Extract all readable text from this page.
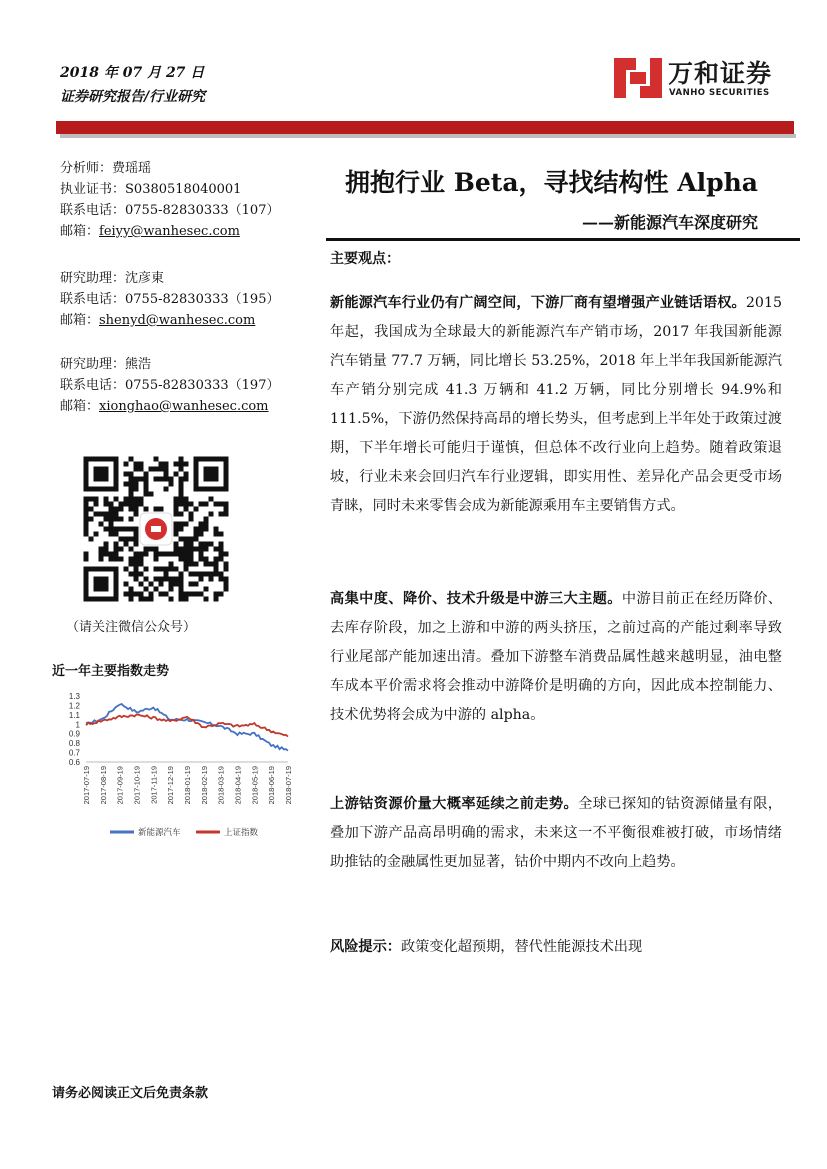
2018 年 07 月 27 日
证券研究报告/行业研究
万和证券
VANHO SECURITIES
分析师：费瑶瑶
执业证书：S0380518040001
联系电话：0755-82830333（107）
邮箱：feiyy@wanhesec.com
研究助理：沈彦東
联系电话：0755-82830333（195）
邮箱：shenyd@wanhesec.com
研究助理：熊浩
联系电话：0755-82830333（197）
邮箱：xionghao@wanhesec.com
（请关注微信公众号）
近一年主要指数走势
1.3
1.2
1.1
1
0.9
0.8
0.7
0.6
2017-07-19 2017-08-19 2017-09-19 2017-10-19 2017-11-19 2017-12-19 2018-01-19 2018-02-19 2018-03-19 2018-04-19 2018-05-19 2018-06-19 2018-07-19
新能源汽车	上证指数
拥抱行业 Beta，寻找结构性 Alpha
——新能源汽车深度研究
主要观点：
新能源汽车行业仍有广阔空间，下游厂商有望增强产业链话语权。2015 年起，我国成为全球最大的新能源汽车产销市场，2017 年我国新能源汽车销量 77.7 万辆，同比增长 53.25%，2018 年上半年我国新能源汽车产销分别完成 41.3 万辆和 41.2 万辆，同比分别增长 94.9%和 111.5%，下游仍然保持高昂的增长势头，但考虑到上半年处于政策过渡期，下半年增长可能归于谨慎，但总体不改行业向上趋势。随着政策退坡，行业未来会回归汽车行业逻辑，即实用性、差异化产品会更受市场青睐，同时未来零售会成为新能源乘用车主要销售方式。
高集中度、降价、技术升级是中游三大主题。中游目前正在经历降价、去库存阶段，加之上游和中游的两头挤压，之前过高的产能过剩率导致行业尾部产能加速出清。叠加下游整车消费品属性越来越明显，油电整车成本平价需求将会推动中游降价是明确的方向，因此成本控制能力、技术优势将会成为中游的 alpha。
上游钴资源价量大概率延续之前走势。全球已探知的钴资源储量有限，叠加下游产品高昂明确的需求，未来这一不平衡很难被打破，市场情绪助推钴的金融属性更加显著，钴价中期内不改向上趋势。
风险提示：政策变化超预期，替代性能源技术出现
请务必阅读正文后免责条款
